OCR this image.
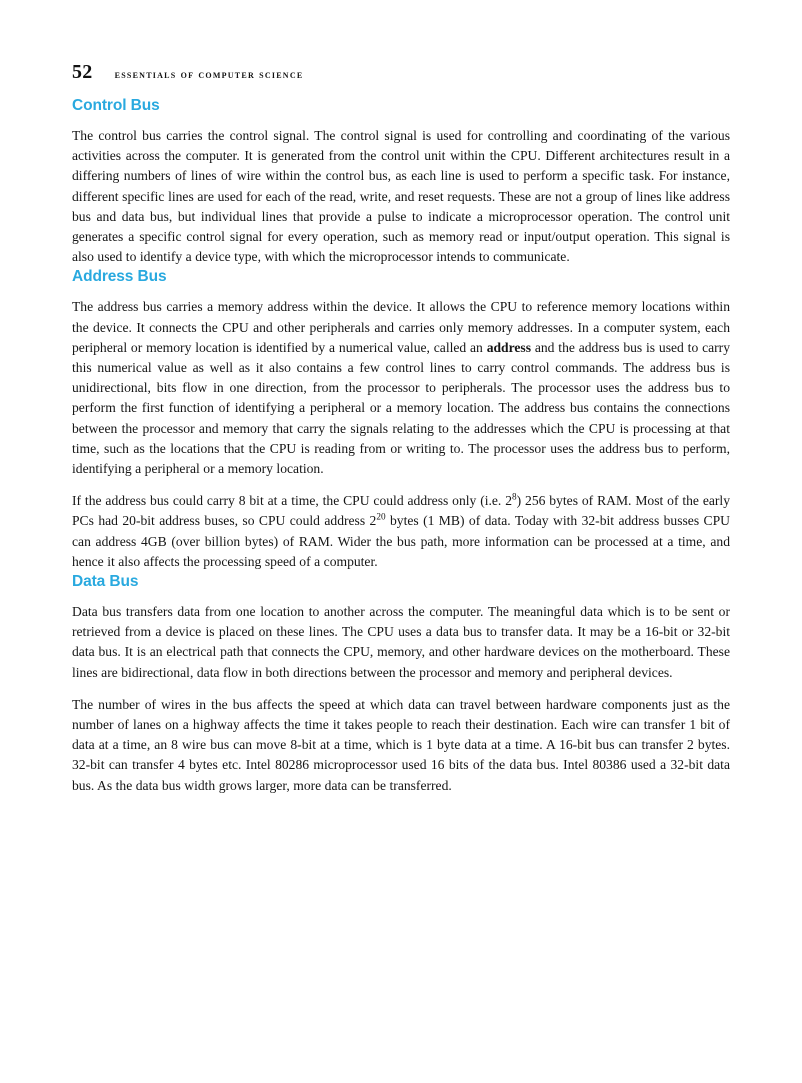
52 essentials of computer science
Control Bus

The control bus carries the control signal. The control signal is used for controlling and coordinating of the various activities across the computer. It is generated from the control unit within the CPU. Different architectures result in a differing numbers of lines of wire within the control bus, as each line is used to perform a specific task. For instance, different specific lines are used for each of the read, write, and reset requests. These are not a group of lines like address bus and data bus, but individual lines that provide a pulse to indicate a microprocessor operation. The control unit generates a specific control signal for every operation, such as memory read or input/output operation. This signal is also used to identify a device type, with which the microprocessor intends to communicate.

Address Bus

The address bus carries a memory address within the device. It allows the CPU to reference memory locations within the device. It connects the CPU and other peripherals and carries only memory addresses. In a computer system, each peripheral or memory location is identified by a numerical value, called an address and the address bus is used to carry this numerical value as well as it also contains a few control lines to carry control commands. The address bus is unidirectional, bits flow in one direction, from the processor to peripherals. The processor uses the address bus to perform the first function of identifying a peripheral or a memory location. The address bus contains the connections between the processor and memory that carry the signals relating to the addresses which the CPU is processing at that time, such as the locations that the CPU is reading from or writing to. The processor uses the address bus to perform, identifying a peripheral or a memory location.

If the address bus could carry 8 bit at a time, the CPU could address only (i.e. $2^8$) 256 bytes of RAM. Most of the early PCs had 20-bit address buses, so CPU could address $2^{20}$ bytes (1 MB) of data. Today with 32-bit address busses CPU can address 4GB (over billion bytes) of RAM. Wider the bus path, more information can be processed at a time, and hence it also affects the processing speed of a computer.

Data Bus

Data bus transfers data from one location to another across the computer. The meaningful data which is to be sent or retrieved from a device is placed on these lines. The CPU uses a data bus to transfer data. It may be a 16-bit or 32-bit data bus. It is an electrical path that connects the CPU, memory, and other hardware devices on the motherboard. These lines are bidirectional, data flow in both directions between the processor and memory and peripheral devices.

The number of wires in the bus affects the speed at which data can travel between hardware components just as the number of lanes on a highway affects the time it takes people to reach their destination. Each wire can transfer 1 bit of data at a time, an 8 wire bus can move 8-bit at a time, which is 1 byte data at a time. A 16-bit bus can transfer 2 bytes. 32-bit can transfer 4 bytes etc. Intel 80286 microprocessor used 16 bits of the data bus. Intel 80386 used a 32-bit data bus. As the data bus width grows larger, more data can be transferred.
